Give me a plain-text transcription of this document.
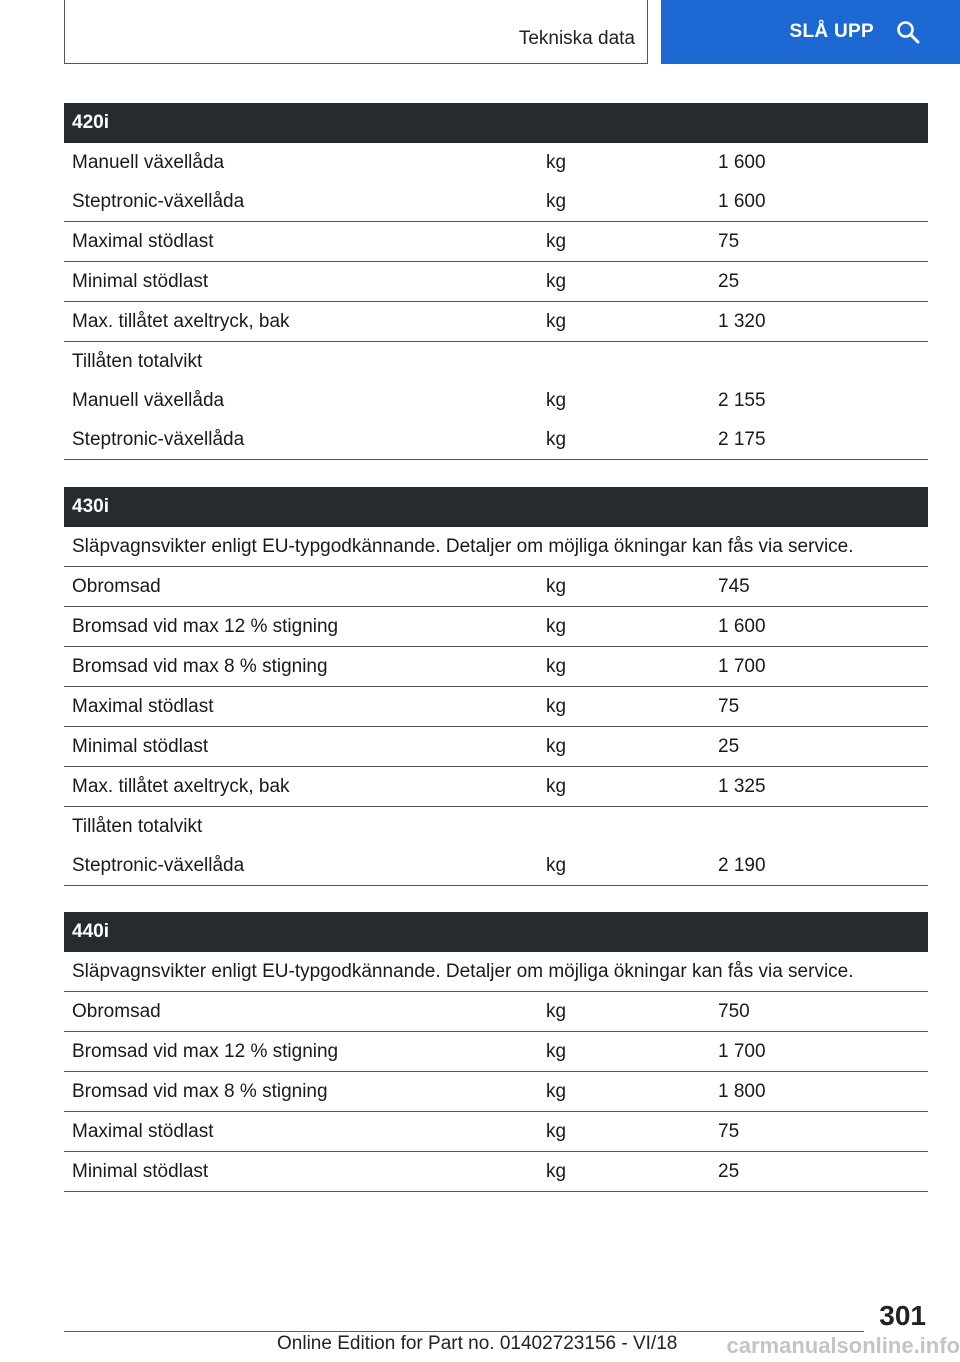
Tekniska data	SLÅ UPP
420i		
Manuell växellåda	kg	1 600
Steptronic-växellåda	kg	1 600
Maximal stödlast	kg	75
Minimal stödlast	kg	25
Max. tillåtet axeltryck, bak	kg	1 320
Tillåten totalvikt		
Manuell växellåda	kg	2 155
Steptronic-växellåda	kg	2 175
430i		
Släpvagnsvikter enligt EU-typgodkännande. Detaljer om möjliga ökningar kan fås via service.		
Obromsad	kg	745
Bromsad vid max 12 % stigning	kg	1 600
Bromsad vid max 8 % stigning	kg	1 700
Maximal stödlast	kg	75
Minimal stödlast	kg	25
Max. tillåtet axeltryck, bak	kg	1 325
Tillåten totalvikt		
Steptronic-växellåda	kg	2 190
440i		
Släpvagnsvikter enligt EU-typgodkännande. Detaljer om möjliga ökningar kan fås via service.		
Obromsad	kg	750
Bromsad vid max 12 % stigning	kg	1 700
Bromsad vid max 8 % stigning	kg	1 800
Maximal stödlast	kg	75
Minimal stödlast	kg	25
301
Online Edition for Part no. 01402723156 - VI/18 carmanualsonline.info
